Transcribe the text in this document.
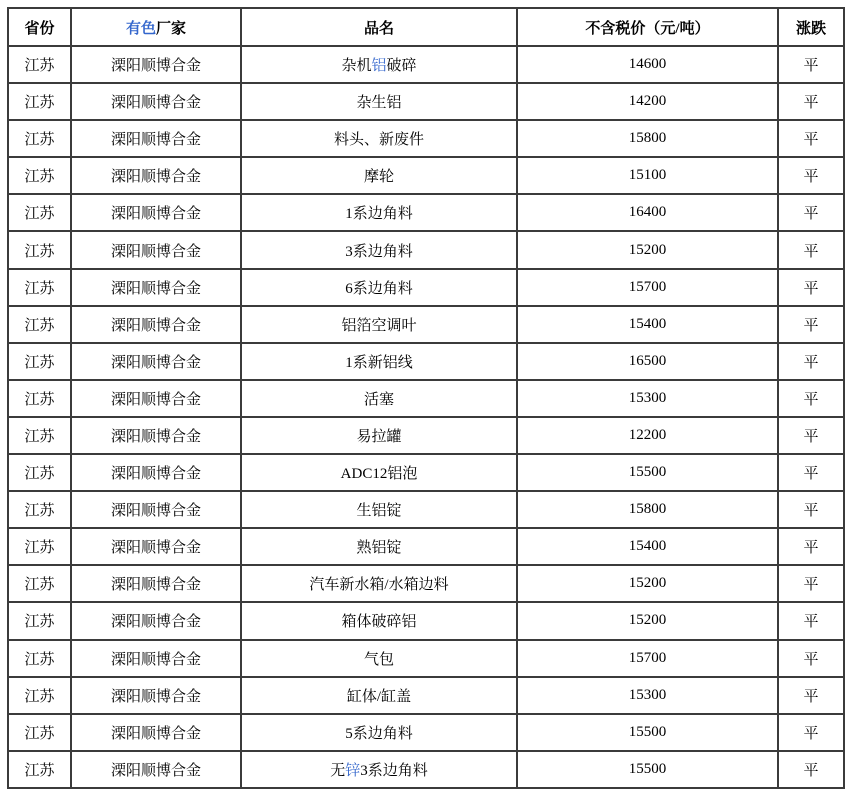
省份	有色厂家	品名	不含税价（元/吨）	涨跌
江苏	溧阳顺博合金	杂机铝破碎	14600	平
江苏	溧阳顺博合金	杂生铝	14200	平
江苏	溧阳顺博合金	料头、新废件	15800	平
江苏	溧阳顺博合金	摩轮	15100	平
江苏	溧阳顺博合金	1系边角料	16400	平
江苏	溧阳顺博合金	3系边角料	15200	平
江苏	溧阳顺博合金	6系边角料	15700	平
江苏	溧阳顺博合金	铝箔空调叶	15400	平
江苏	溧阳顺博合金	1系新铝线	16500	平
江苏	溧阳顺博合金	活塞	15300	平
江苏	溧阳顺博合金	易拉罐	12200	平
江苏	溧阳顺博合金	ADC12铝泡	15500	平
江苏	溧阳顺博合金	生铝锭	15800	平
江苏	溧阳顺博合金	熟铝锭	15400	平
江苏	溧阳顺博合金	汽车新水箱/水箱边料	15200	平
江苏	溧阳顺博合金	箱体破碎铝	15200	平
江苏	溧阳顺博合金	气包	15700	平
江苏	溧阳顺博合金	缸体/缸盖	15300	平
江苏	溧阳顺博合金	5系边角料	15500	平
江苏	溧阳顺博合金	无锌3系边角料	15500	平
